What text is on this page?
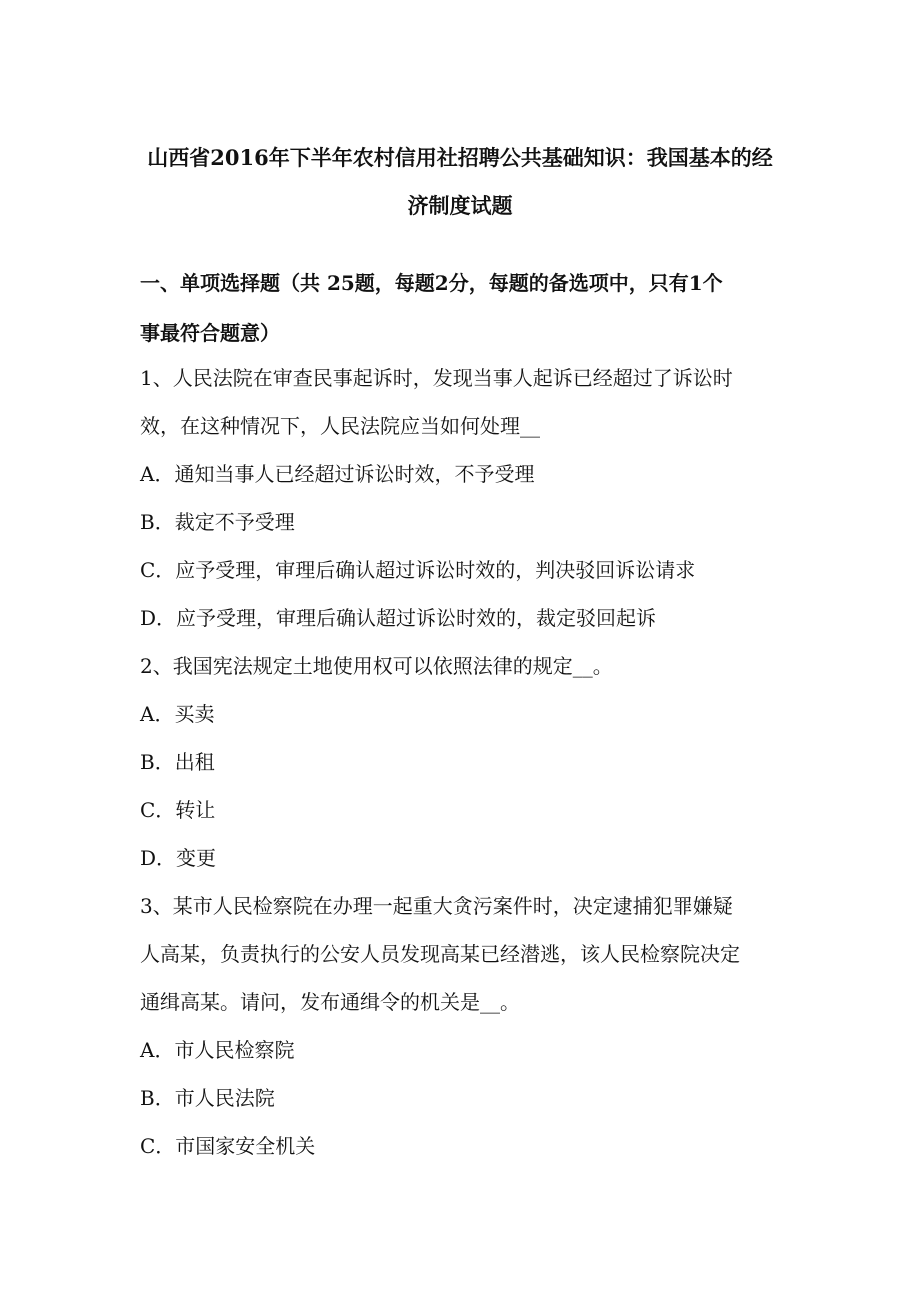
山西省2016年下半年农村信用社招聘公共基础知识：我国基本的经
济制度试题
一、单项选择题（共 25题，每题2分，每题的备选项中，只有1个
事最符合题意）
1、人民法院在审查民事起诉时，发现当事人起诉已经超过了诉讼时
效，在这种情况下，人民法院应当如何处理__
A．通知当事人已经超过诉讼时效，不予受理
B．裁定不予受理
C．应予受理，审理后确认超过诉讼时效的，判决驳回诉讼请求
D．应予受理，审理后确认超过诉讼时效的，裁定驳回起诉
2、我国宪法规定土地使用权可以依照法律的规定__。
A．买卖
B．出租
C．转让
D．变更
3、某市人民检察院在办理一起重大贪污案件时，决定逮捕犯罪嫌疑
人高某，负责执行的公安人员发现高某已经潜逃，该人民检察院决定
通缉高某。请问，发布通缉令的机关是__。
A．市人民检察院
B．市人民法院
C．市国家安全机关
